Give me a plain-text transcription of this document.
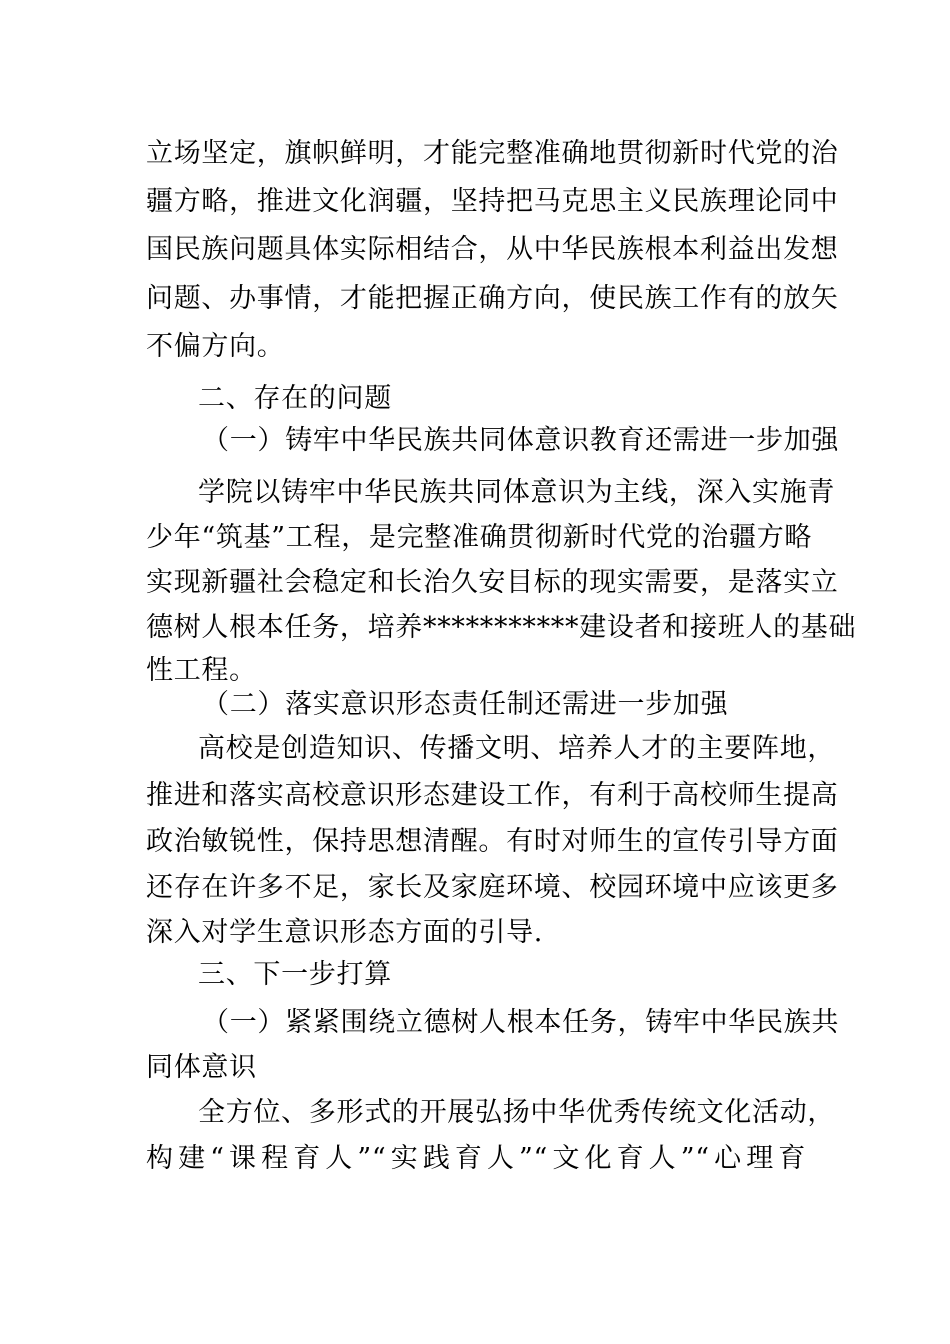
立场坚定，旗帜鲜明，才能完整准确地贯彻新时代党的治
疆方略，推进文化润疆，坚持把马克思主义民族理论同中
国民族问题具体实际相结合，从中华民族根本利益出发想
问题、办事情，才能把握正确方向，使民族工作有的放矢
不偏方向。
二、存在的问题
（一）铸牢中华民族共同体意识教育还需进一步加强
学院以铸牢中华民族共同体意识为主线，深入实施青
少年“筑基”工程，是完整准确贯彻新时代党的治疆方略
实现新疆社会稳定和长治久安目标的现实需要，是落实立
德树人根本任务，培养***********建设者和接班人的基础
性工程。
（二）落实意识形态责任制还需进一步加强
高校是创造知识、传播文明、培养人才的主要阵地，
推进和落实高校意识形态建设工作，有利于高校师生提高
政治敏锐性，保持思想清醒。有时对师生的宣传引导方面
还存在许多不足，家长及家庭环境、校园环境中应该更多
深入对学生意识形态方面的引导.
三、下一步打算
（一）紧紧围绕立德树人根本任务，铸牢中华民族共
同体意识
全方位、多形式的开展弘扬中华优秀传统文化活动，
构建“课程育人”“实践育人”“文化育人”“心理育
